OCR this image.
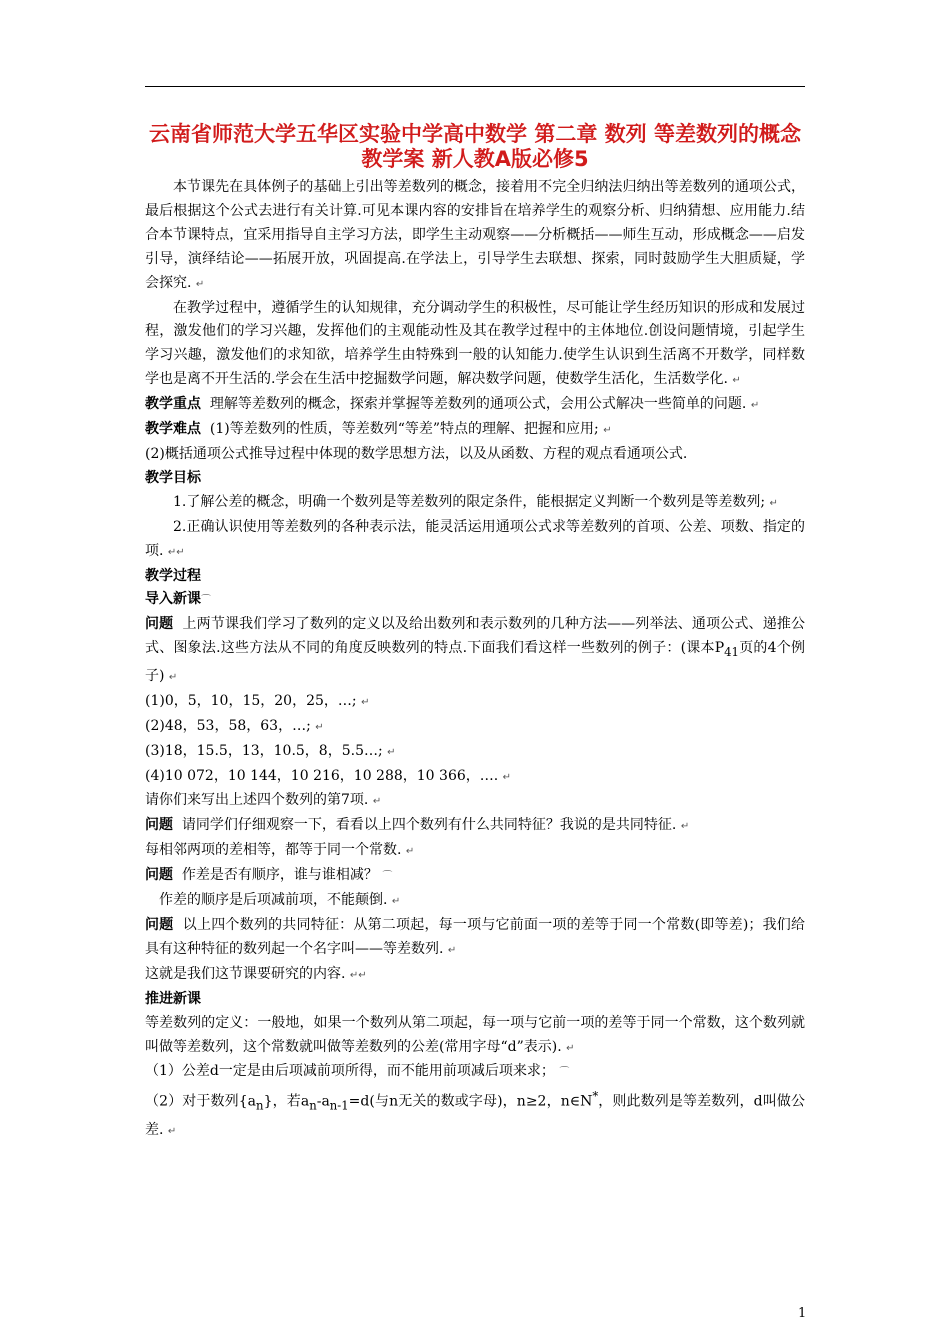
云南省师范大学五华区实验中学高中数学 第二章 数列 等差数列的概念教学案 新人教A版必修5

本节课先在具体例子的基础上引出等差数列的概念，接着用不完全归纳法归纳出等差数列的通项公式，最后根据这个公式去进行有关计算.可见本课内容的安排旨在培养学生的观察分析、归纳猜想、应用能力.结合本节课特点，宜采用指导自主学习方法，即学生主动观察——分析概括——师生互动，形成概念——启发引导，演绎结论——拓展开放，巩固提高.在学法上，引导学生去联想、探索，同时鼓励学生大胆质疑，学会探究. ↵

在教学过程中，遵循学生的认知规律，充分调动学生的积极性，尽可能让学生经历知识的形成和发展过程，激发他们的学习兴趣，发挥他们的主观能动性及其在教学过程中的主体地位.创设问题情境，引起学生学习兴趣，激发他们的求知欲，培养学生由特殊到一般的认知能力.使学生认识到生活离不开数学，同样数学也是离不开生活的.学会在生活中挖掘数学问题，解决数学问题，使数学生活化，生活数学化. ↵

教学重点 理解等差数列的概念，探索并掌握等差数列的通项公式，会用公式解决一些简单的问题. ↵

教学难点 (1)等差数列的性质，等差数列“等差”特点的理解、把握和应用; ↵

(2)概括通项公式推导过程中体现的数学思想方法，以及从函数、方程的观点看通项公式.

教学目标

1.了解公差的概念，明确一个数列是等差数列的限定条件，能根据定义判断一个数列是等差数列; ↵

2.正确认识使用等差数列的各种表示法，能灵活运用通项公式求等差数列的首项、公差、项数、指定的项. ↵↵

教学过程

导入新课⌒

问题 上两节课我们学习了数列的定义以及给出数列和表示数列的几种方法——列举法、通项公式、递推公式、图象法.这些方法从不同的角度反映数列的特点.下面我们看这样一些数列的例子：(课本$P_{41}$页的4个例子) ↵

(1)0，5，10，15，20，25，…; ↵

(2)48，53，58，63，…; ↵

(3)18，15.5，13，10.5，8，5.5…; ↵

(4)10 072，10 144，10 216，10 288，10 366，…. ↵

请你们来写出上述四个数列的第7项. ↵

问题 请同学们仔细观察一下，看看以上四个数列有什么共同特征？我说的是共同特征. ↵

每相邻两项的差相等，都等于同一个常数. ↵

问题 作差是否有顺序，谁与谁相减？ ⌒

作差的顺序是后项减前项，不能颠倒. ↵

问题 以上四个数列的共同特征：从第二项起，每一项与它前面一项的差等于同一个常数(即等差)；我们给具有这种特征的数列起一个名字叫——等差数列. ↵

这就是我们这节课要研究的内容. ↵↵

推进新课

等差数列的定义：一般地，如果一个数列从第二项起，每一项与它前一项的差等于同一个常数，这个数列就叫做等差数列，这个常数就叫做等差数列的公差(常用字母“d”表示). ↵

（1）公差d一定是由后项减前项所得，而不能用前项减后项来求； ⌒

（2）对于数列$\{a_n\}$，若$a_n-a_{n-1}=d$(与n无关的数或字母)，n≥2，n∈N*，则此数列是等差数列，d叫做公差. ↵

1
